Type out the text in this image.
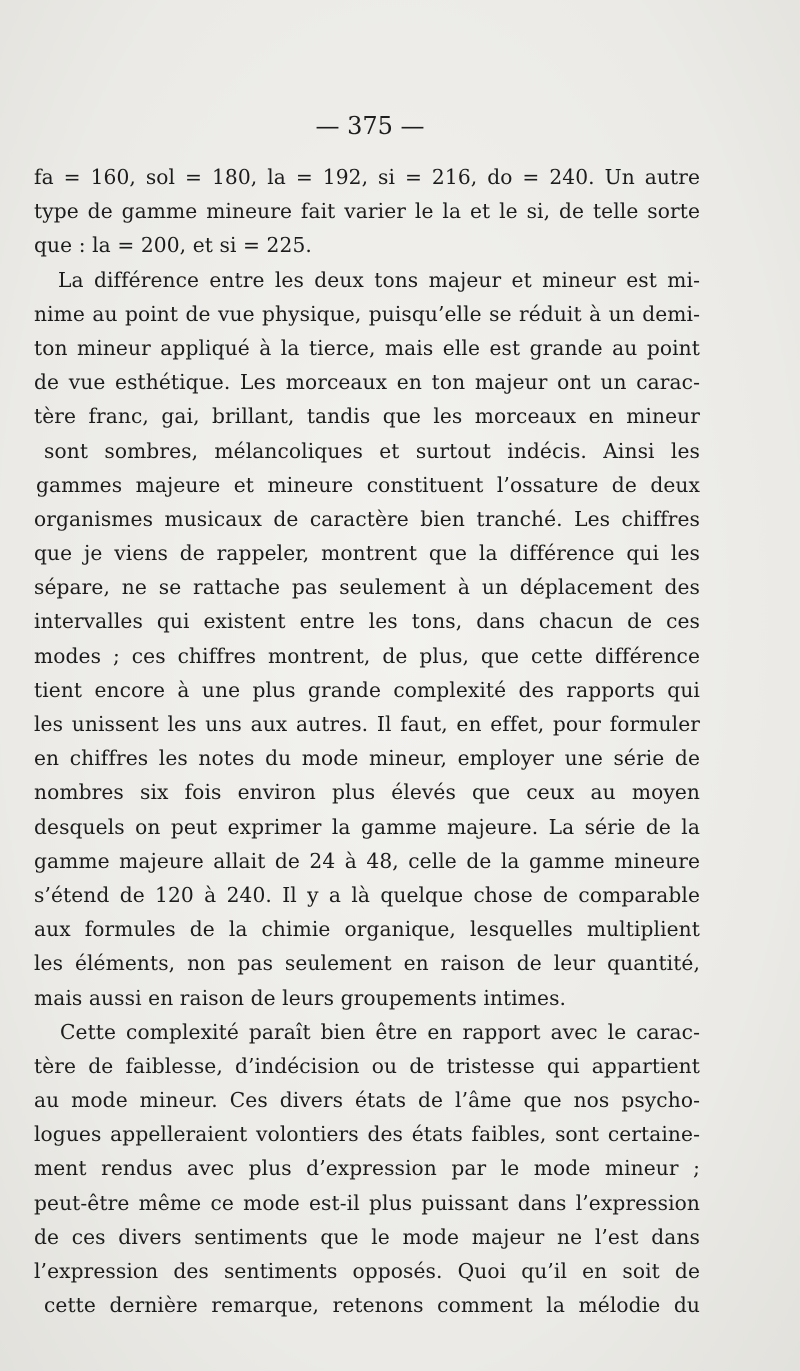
— 375 —
fa = 160, sol = 180, la = 192, si = 216, do = 240. Un autre
type de gamme mineure fait varier le la et le si, de telle sorte
que : la = 200, et si = 225.
La différence entre les deux tons majeur et mineur est mi-
nime au point de vue physique, puisqu’elle se réduit à un demi-
ton mineur appliqué à la tierce, mais elle est grande au point
de vue esthétique. Les morceaux en ton majeur ont un carac-
tère franc, gai, brillant, tandis que les morceaux en mineur
sont sombres, mélancoliques et surtout indécis. Ainsi les
gammes majeure et mineure constituent l’ossature de deux
organismes musicaux de caractère bien tranché. Les chiffres
que je viens de rappeler, montrent que la différence qui les
sépare, ne se rattache pas seulement à un déplacement des
intervalles qui existent entre les tons, dans chacun de ces
modes ; ces chiffres montrent, de plus, que cette différence
tient encore à une plus grande complexité des rapports qui
les unissent les uns aux autres. Il faut, en effet, pour formuler
en chiffres les notes du mode mineur, employer une série de
nombres six fois environ plus élevés que ceux au moyen
desquels on peut exprimer la gamme majeure. La série de la
gamme majeure allait de 24 à 48, celle de la gamme mineure
s’étend de 120 à 240. Il y a là quelque chose de comparable
aux formules de la chimie organique, lesquelles multiplient
les éléments, non pas seulement en raison de leur quantité,
mais aussi en raison de leurs groupements intimes.
Cette complexité paraît bien être en rapport avec le carac-
tère de faiblesse, d’indécision ou de tristesse qui appartient
au mode mineur. Ces divers états de l’âme que nos psycho-
logues appelleraient volontiers des états faibles, sont certaine-
ment rendus avec plus d’expression par le mode mineur ;
peut-être même ce mode est-il plus puissant dans l’expression
de ces divers sentiments que le mode majeur ne l’est dans
l’expression des sentiments opposés. Quoi qu’il en soit de
cette dernière remarque, retenons comment la mélodie du
